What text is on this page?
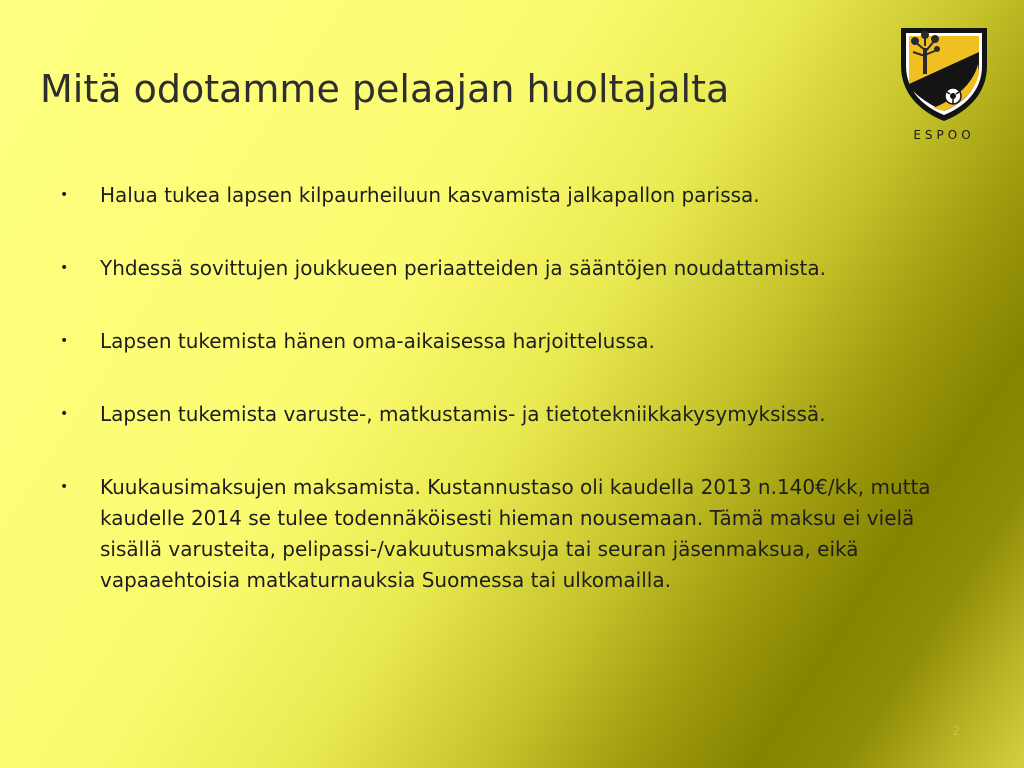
Mitä odotamme pelaajan huoltajalta
ESPOO
• Halua tukea lapsen kilpaurheiluun kasvamista jalkapallon parissa.
• Yhdessä sovittujen joukkueen periaatteiden ja sääntöjen noudattamista.
• Lapsen tukemista hänen oma-aikaisessa harjoittelussa.
• Lapsen tukemista varuste-, matkustamis- ja tietotekniikkakysymyksissä.
• Kuukausimaksujen maksamista. Kustannustaso oli kaudella 2013 n.140€/kk, mutta kaudelle 2014 se tulee todennäköisesti hieman nousemaan. Tämä maksu ei vielä sisällä varusteita, pelipassi-/vakuutusmaksuja tai seuran jäsenmaksua, eikä vapaaehtoisia matkaturnauksia Suomessa tai ulkomailla.
2
